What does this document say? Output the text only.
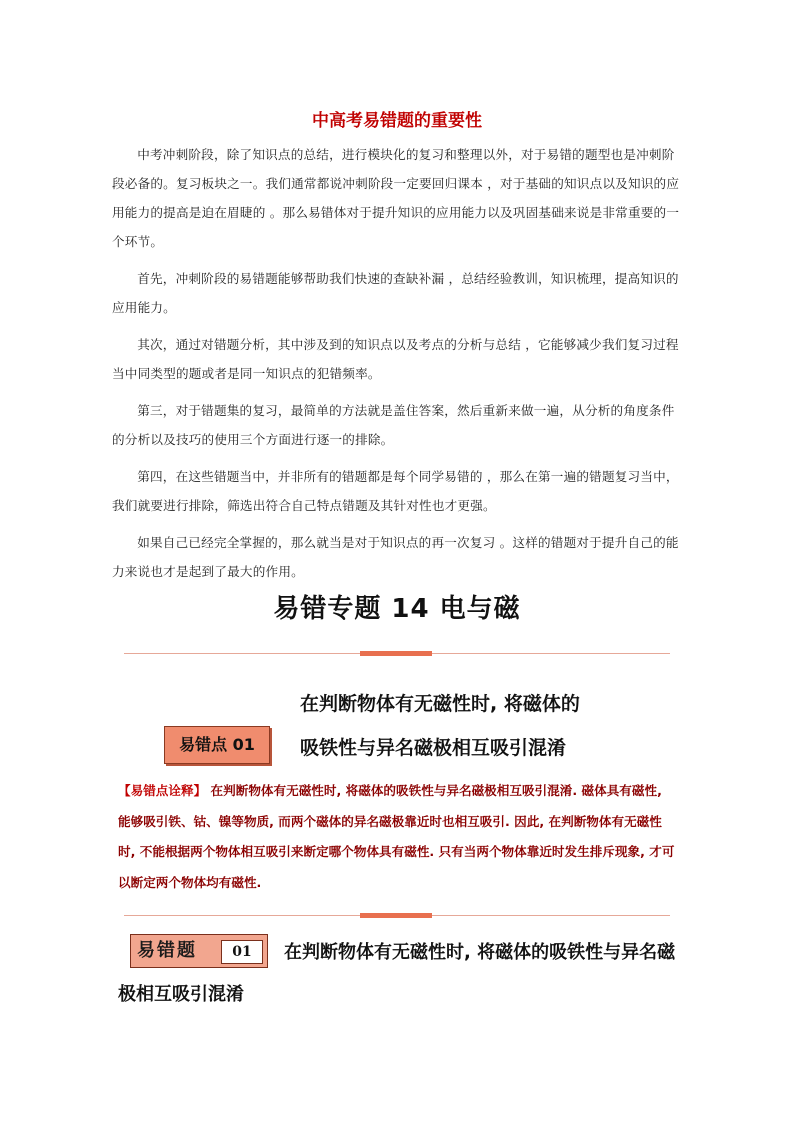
中高考易错题的重要性

中考冲刺阶段，除了知识点的总结，进行模块化的复习和整理以外，对于易错的题型也是冲刺阶段必备的。复习板块之一。我们通常都说冲刺阶段一定要回归课本 ，对于基础的知识点以及知识的应用能力的提高是迫在眉睫的 。那么易错体对于提升知识的应用能力以及巩固基础来说是非常重要的一个环节。

首先，冲刺阶段的易错题能够帮助我们快速的查缺补漏 ，总结经验教训，知识梳理，提高知识的应用能力。

其次，通过对错题分析，其中涉及到的知识点以及考点的分析与总结 ，它能够减少我们复习过程当中同类型的题或者是同一知识点的犯错频率。

第三，对于错题集的复习，最简单的方法就是盖住答案，然后重新来做一遍，从分析的角度条件的分析以及技巧的使用三个方面进行逐一的排除。

第四，在这些错题当中，并非所有的错题都是每个同学易错的 ，那么在第一遍的错题复习当中，我们就要进行排除，筛选出符合自己特点错题及其针对性也才更强。

如果自己已经完全掌握的，那么就当是对于知识点的再一次复习 。这样的错题对于提升自己的能力来说也才是起到了最大的作用。

易错专题 14 电与磁
在判断物体有无磁性时, 将磁体的
吸铁性与异名磁极相互吸引混淆
易错点 01
【易错点诠释】 在判断物体有无磁性时, 将磁体的吸铁性与异名磁极相互吸引混淆. 磁体具有磁性, 能够吸引铁、钴、镍等物质, 而两个磁体的异名磁极靠近时也相互吸引. 因此, 在判断物体有无磁性时, 不能根据两个物体相互吸引来断定哪个物体具有磁性. 只有当两个物体靠近时发生排斥现象, 才可以断定两个物体均有磁性.
在判断物体有无磁性时, 将磁体的吸铁性与异名磁极相互吸引混淆
易错题	01
